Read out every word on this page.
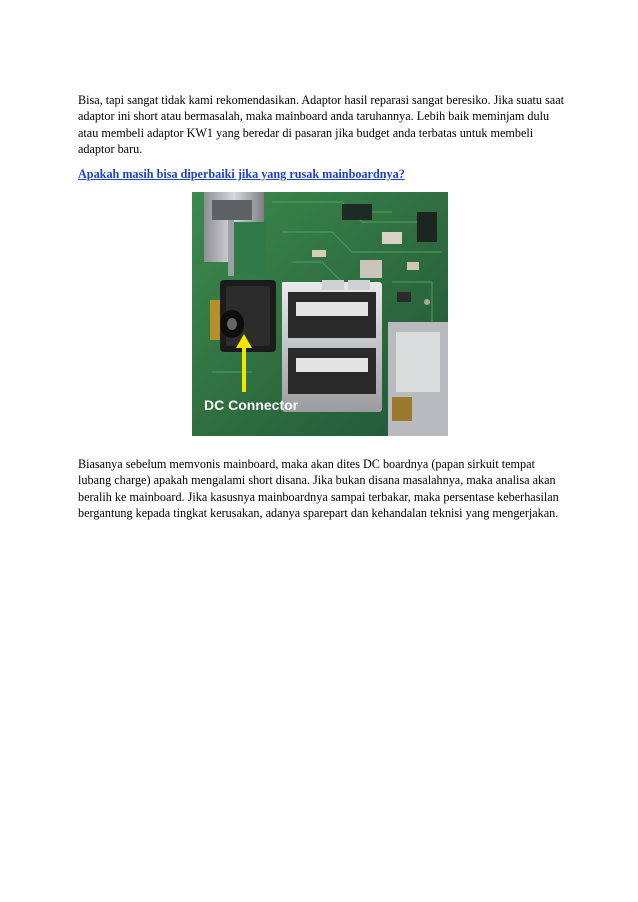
Bisa, tapi sangat tidak kami rekomendasikan. Adaptor hasil reparasi sangat beresiko. Jika suatu saat adaptor ini short atau bermasalah, maka mainboard anda taruhannya. Lebih baik meminjam dulu atau membeli adaptor KW1 yang beredar di pasaran jika budget anda terbatas untuk membeli adaptor baru.

Apakah masih bisa diperbaiki jika yang rusak mainboardnya?

DC Connector

Biasanya sebelum memvonis mainboard, maka akan dites DC boardnya (papan sirkuit tempat lubang charge) apakah mengalami short disana. Jika bukan disana masalahnya, maka analisa akan beralih ke mainboard. Jika kasusnya mainboardnya sampai terbakar, maka persentase keberhasilan bergantung kepada tingkat kerusakan, adanya sparepart dan kehandalan teknisi yang mengerjakan.
